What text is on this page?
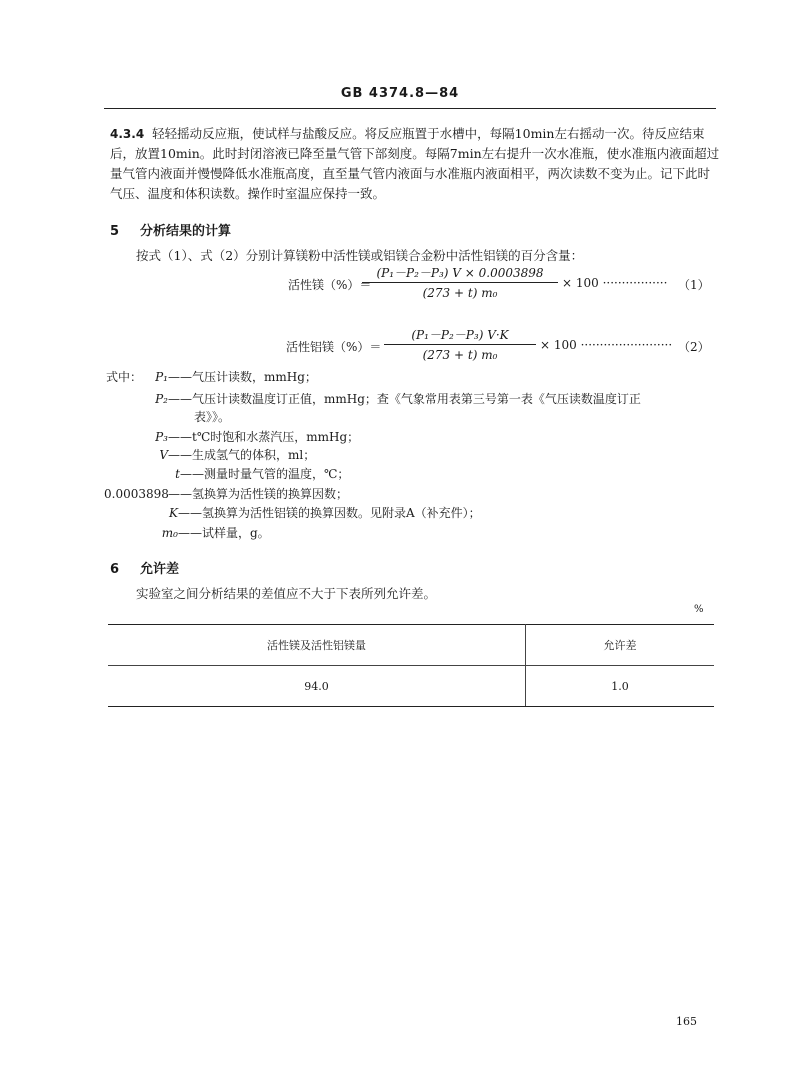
GB 4374.8—84
4.3.4 轻轻摇动反应瓶，使试样与盐酸反应。将反应瓶置于水槽中，每隔10min左右摇动一次。待反应结束后，放置10min。此时封闭溶液已降至量气管下部刻度。每隔7min左右提升一次水准瓶，使水准瓶内液面超过量气管内液面并慢慢降低水准瓶高度，直至量气管内液面与水准瓶内液面相平，两次读数不变为止。记下此时气压、温度和体积读数。操作时室温应保持一致。
5 分析结果的计算
按式（1）、式（2）分别计算镁粉中活性镁或铝镁合金粉中活性铝镁的百分含量：
活性镁（%）＝
(P₁－P₂－P₃) V × 0.0003898
(273 + t) m₀
× 100 ················· （1）
活性铝镁（%）＝
(P₁－P₂－P₃) V·K
(273 + t) m₀
× 100 ························ （2）
式中：	P₁——气压计读数，mmHg；
P₂——气压计读数温度订正值，mmHg；查《气象常用表第三号第一表《气压读数温度订正
表》》。
P₃——t℃时饱和水蒸汽压，mmHg；
V——生成氢气的体积，ml；
t——测量时量气管的温度，℃；
0.0003898——氢换算为活性镁的换算因数；
K——氢换算为活性铝镁的换算因数。见附录A（补充件）；
m₀——试样量，g。
6 允许差
实验室之间分析结果的差值应不大于下表所列允许差。
%
活性镁及活性铝镁量	允许差
94.0	1.0
165
